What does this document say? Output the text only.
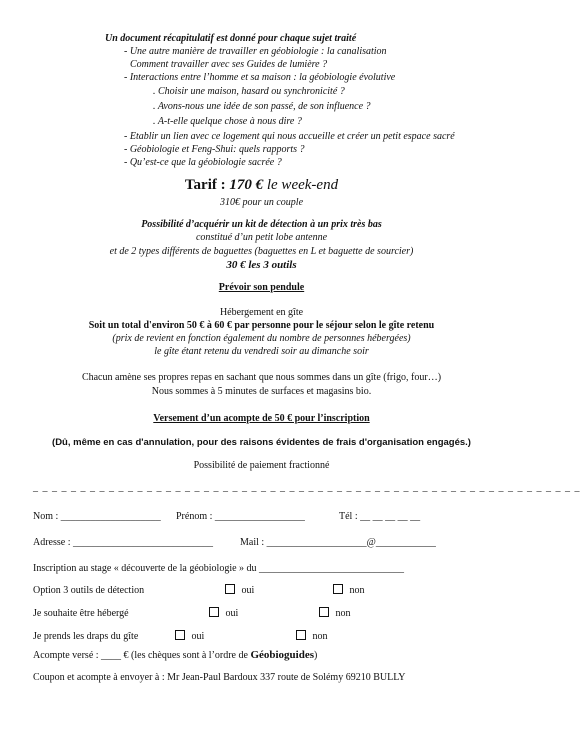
Un document récapitulatif est donné pour chaque sujet traité
- Une autre manière de travailler en géobiologie : la canalisation
Comment travailler avec ses Guides de lumière ?
- Interactions entre l’homme et sa maison : la géobiologie évolutive
. Choisir une maison, hasard ou synchronicité ?
. Avons-nous une idée de son passé, de son influence ?
. A-t-elle quelque chose à nous dire ?
- Etablir un lien avec ce logement qui nous accueille et créer un petit espace sacré
- Géobiologie et Feng-Shui: quels rapports ?
- Qu’est-ce que la géobiologie sacrée ?
Tarif : 170 € le week-end
310€ pour un couple
Possibilité d’acquérir un kit de détection à un prix très bas
constitué d’un petit lobe antenne
et de 2 types différents de baguettes (baguettes en L et baguette de sourcier)
30 € les 3 outils
Prévoir son pendule
Hébergement en gîte
Soit un total d'environ 50 € à 60 € par personne pour le séjour selon le gîte retenu
(prix de revient en fonction également du nombre de personnes hébergées)
le gîte étant retenu du vendredi soir au dimanche soir
Chacun amène ses propres repas en sachant que nous sommes dans un gîte (frigo, four…)
Nous sommes à 5 minutes de surfaces et magasins bio.
Versement d’un acompte de 50 € pour l’inscription
(Dû, même en cas d'annulation, pour des raisons évidentes de frais d'organisation engagés.)
Possibilité de paiement fractionné
_ _ _ _ _ _ _ _ _ _ _ _ _ _ _ _ _ _ _ _ _ _ _ _ _ _ _ _ _ _ _ _ _ _ _ _ _ _ _ _ _ _ _ _ _ _ _ _ _ _ _ _ _ _ _ _ _ _
Nom : ____________________ Prénom : __________________	Tél : __ __ __ __ __
Adresse : ____________________________	Mail : ____________________@____________
Inscription au stage « découverte de la géobiologie » du _____________________________
Option 3 outils de détection	oui	non
Je souhaite être hébergé	oui	non
Je prends les draps du gîte	oui	non
Acompte versé : ____ € (les chèques sont à l’ordre de Géobioguides)
Coupon et acompte à envoyer à : Mr Jean-Paul Bardoux 337 route de Solémy 69210 BULLY
